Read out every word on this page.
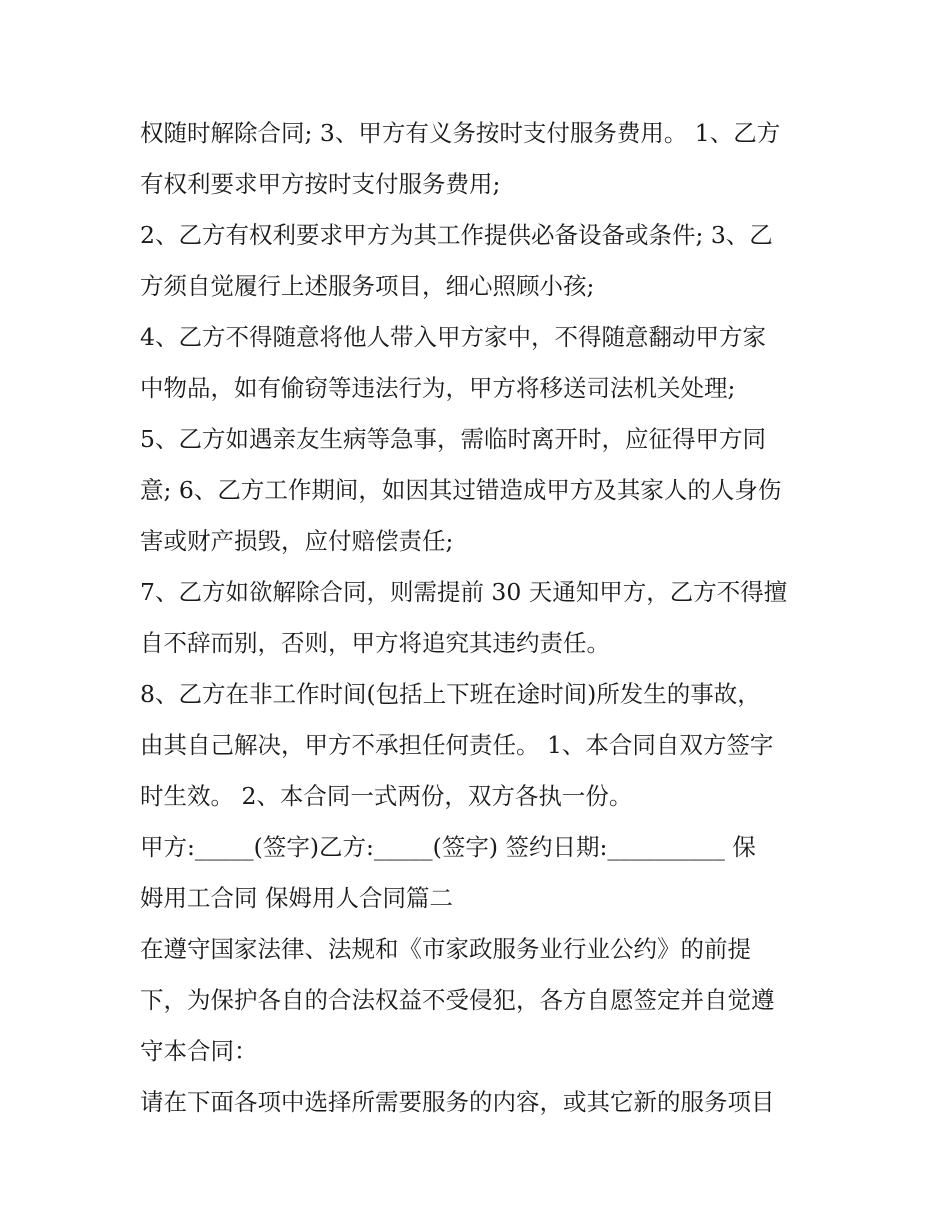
权随时解除合同; 3、甲方有义务按时支付服务费用。 1、乙方
有权利要求甲方按时支付服务费用;
2、乙方有权利要求甲方为其工作提供必备设备或条件; 3、乙
方须自觉履行上述服务项目，细心照顾小孩;
4、乙方不得随意将他人带入甲方家中，不得随意翻动甲方家
中物品，如有偷窃等违法行为，甲方将移送司法机关处理;
5、乙方如遇亲友生病等急事，需临时离开时，应征得甲方同
意; 6、乙方工作期间，如因其过错造成甲方及其家人的人身伤
害或财产损毁，应付赔偿责任;
7、乙方如欲解除合同，则需提前 30 天通知甲方，乙方不得擅
自不辞而别，否则，甲方将追究其违约责任。
8、乙方在非工作时间(包括上下班在途时间)所发生的事故，
由其自己解决，甲方不承担任何责任。 1、本合同自双方签字
时生效。 2、本合同一式两份，双方各执一份。
甲方:_____(签字)乙方:_____(签字) 签约日期:__________ 保
姆用工合同 保姆用人合同篇二
在遵守国家法律、法规和《市家政服务业行业公约》的前提
下，为保护各自的合法权益不受侵犯，各方自愿签定并自觉遵
守本合同：
请在下面各项中选择所需要服务的内容，或其它新的服务项目
